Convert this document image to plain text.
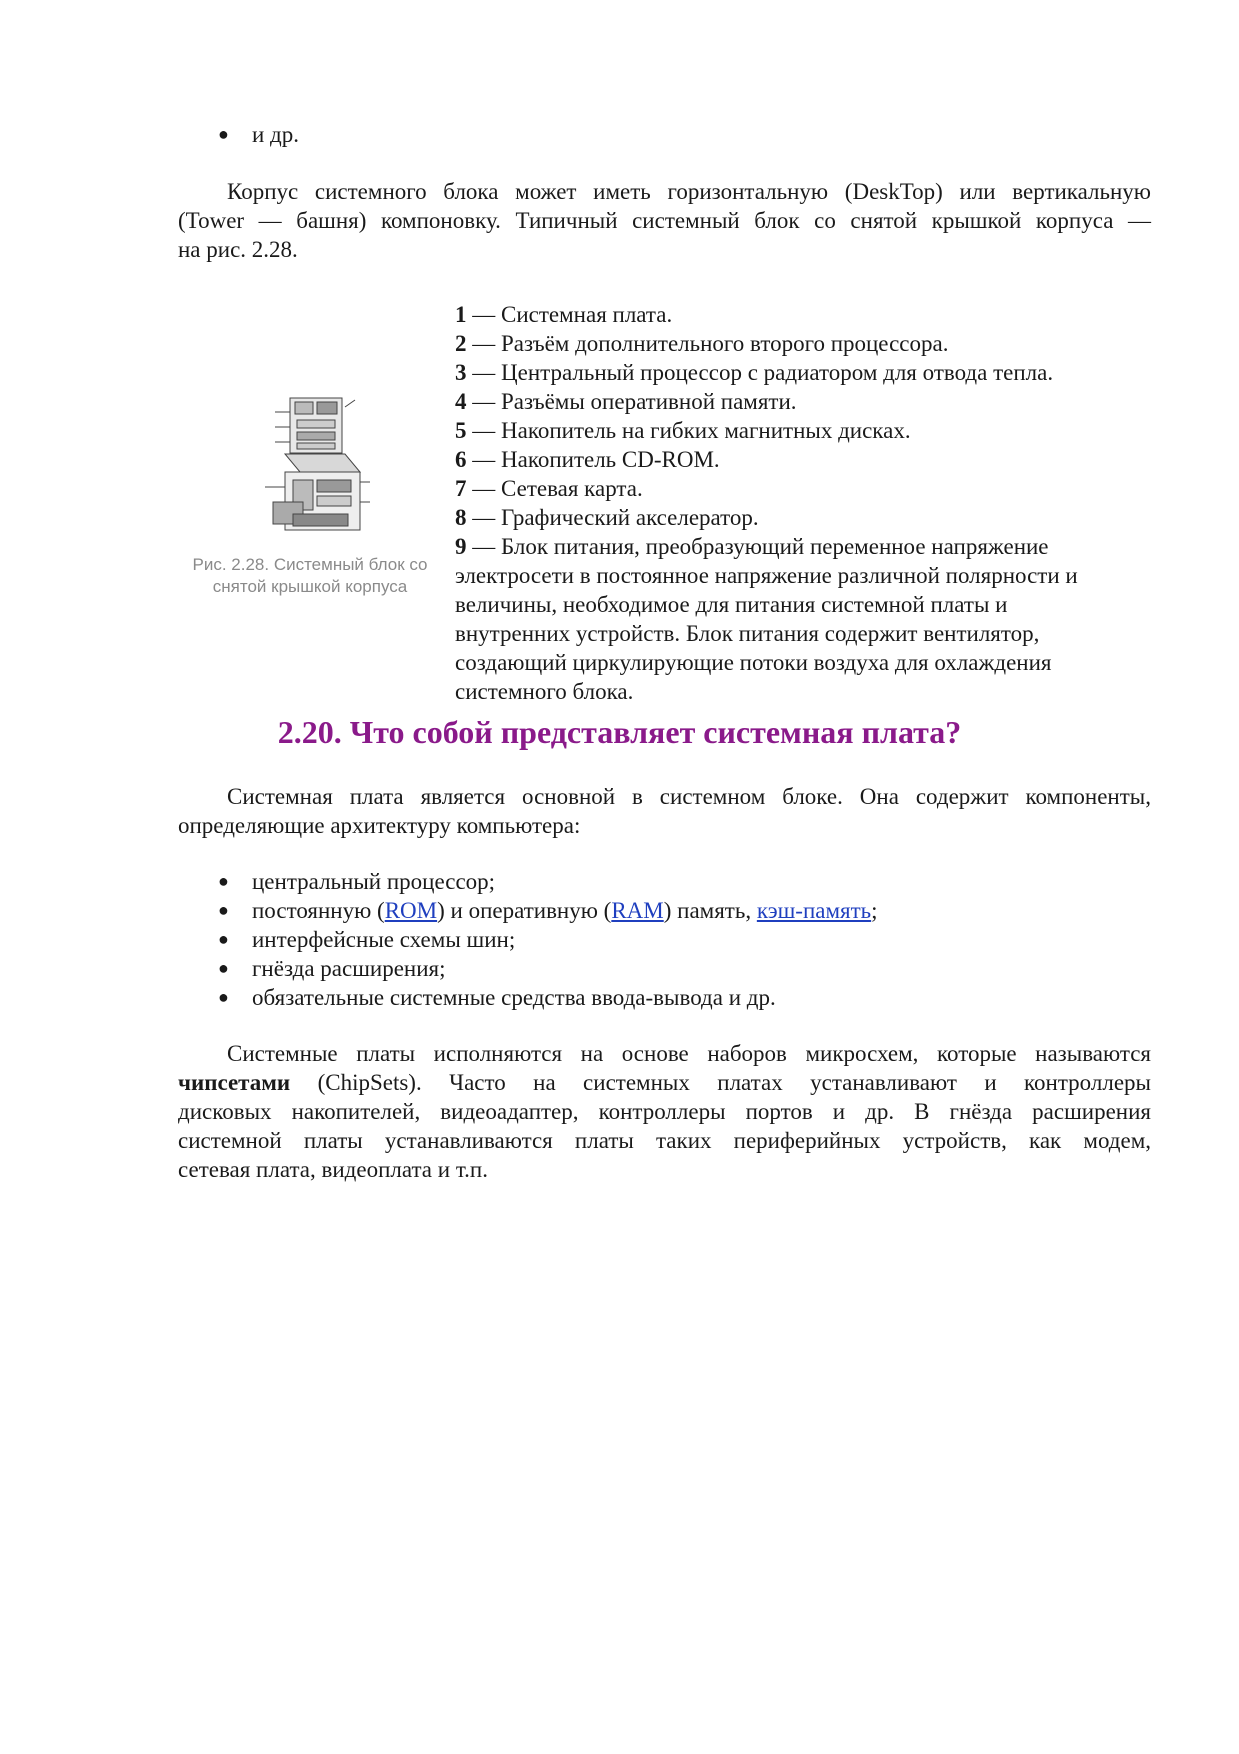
● и др.
Корпус системного блока может иметь горизонтальную (DeskTop) или вертикальную
(Tower — башня) компоновку. Типичный системный блок со снятой крышкой корпуса —
на рис. 2.28.
Рис. 2.28. Системный блок со
снятой крышкой корпуса
1 — Системная плата.
2 — Разъём дополнительного второго процессора.
3 — Центральный процессор с радиатором для отвода тепла.
4 — Разъёмы оперативной памяти.
5 — Накопитель на гибких магнитных дисках.
6 — Накопитель CD-ROM.
7 — Сетевая карта.
8 — Графический акселератор.
9 — Блок питания, преобразующий переменное напряжение
электросети в постоянное напряжение различной полярности и
величины, необходимое для питания системной платы и
внутренних устройств. Блок питания содержит вентилятор,
создающий циркулирующие потоки воздуха для охлаждения
системного блока.
2.20. Что собой представляет системная плата?
Системная плата является основной в системном блоке. Она содержит компоненты,
определяющие архитектуру компьютера:
● центральный процессор;
● постоянную (ROM) и оперативную (RAM) память, кэш-память;
● интерфейсные схемы шин;
● гнёзда расширения;
● обязательные системные средства ввода-вывода и др.
Системные платы исполняются на основе наборов микросхем, которые называются
чипсетами (ChipSets). Часто на системных платах устанавливают и контроллеры
дисковых накопителей, видеоадаптер, контроллеры портов и др. В гнёзда расширения
системной платы устанавливаются платы таких периферийных устройств, как модем,
сетевая плата, видеоплата и т.п.
